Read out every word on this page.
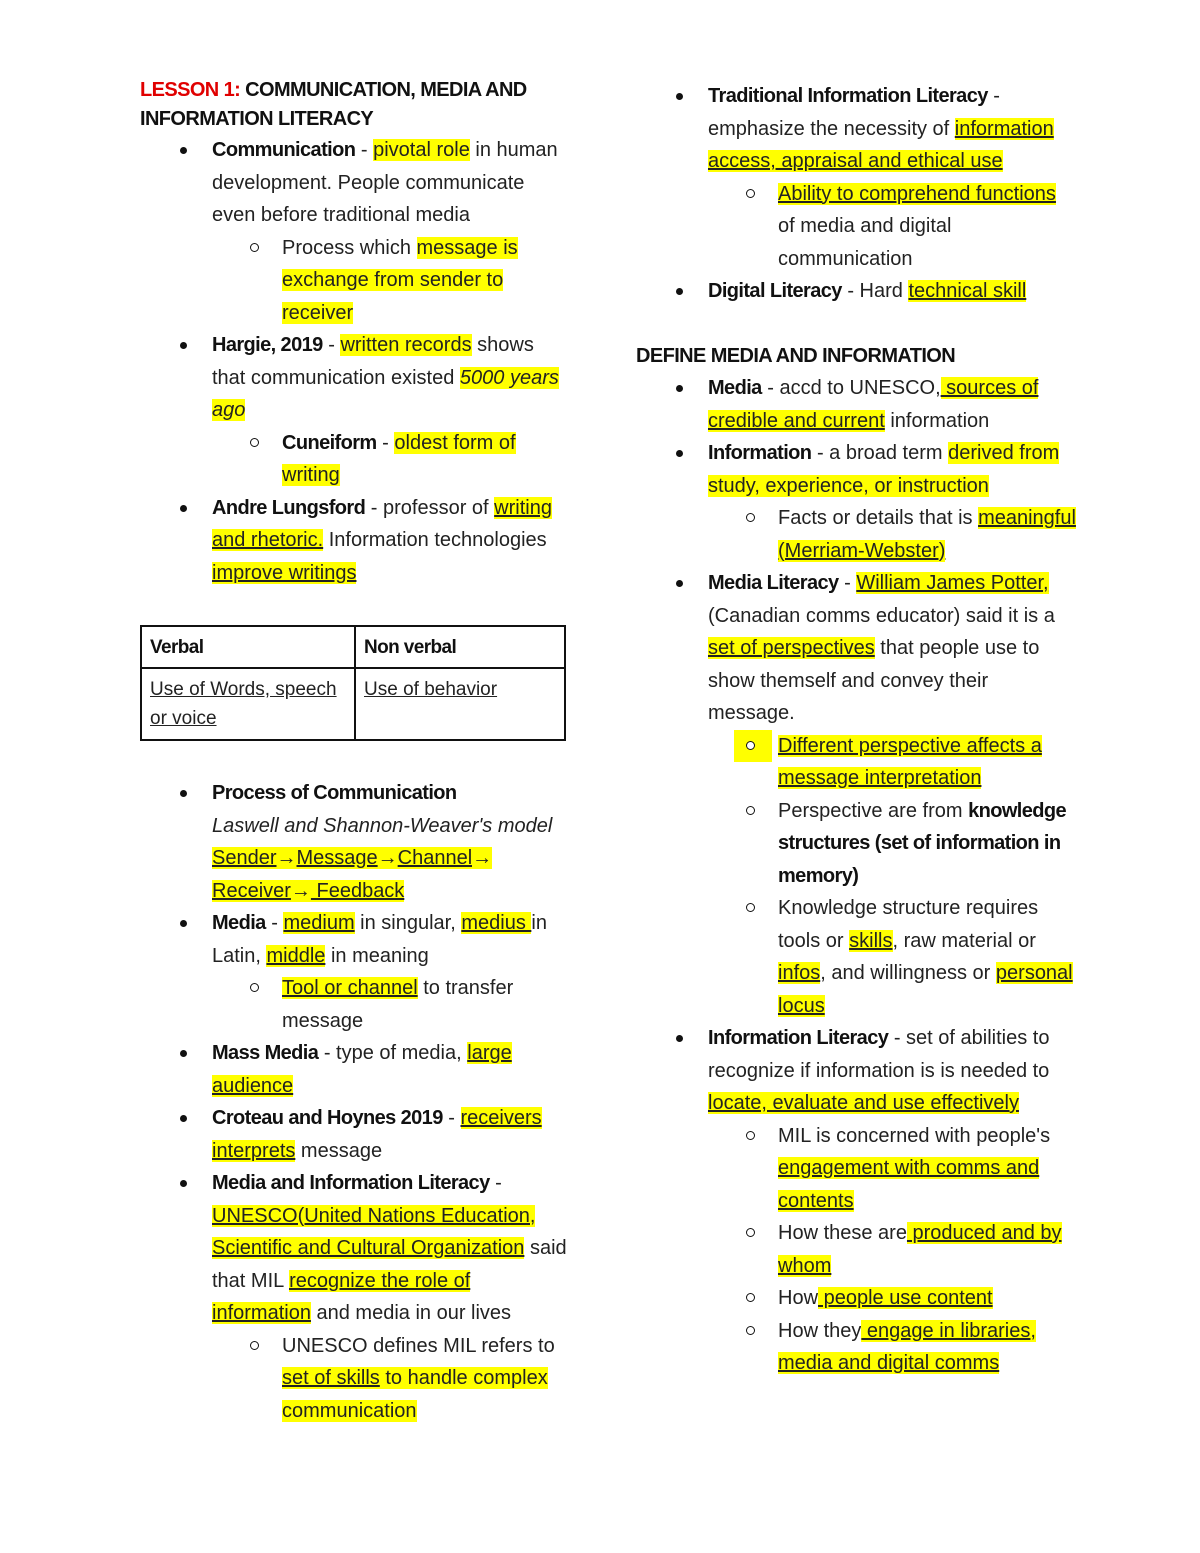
LESSON 1: COMMUNICATION, MEDIA AND
INFORMATION LITERACY

Communication - pivotal role in human development. People communicate even before traditional media
Process which message is exchange from sender to receiver
Hargie, 2019 - written records shows that communication existed 5000 years ago
Cuneiform - oldest form of writing
Andre Lungsford - professor of writing and rhetoric. Information technologies improve writings
Verbal	Non verbal
Use of Words, speech or voice	Use of behavior
Process of Communication
Laswell and Shannon-Weaver's model
Sender→Message→Channel→
Receiver→ Feedback
Media - medium in singular, medius in Latin, middle in meaning
Tool or channel to transfer message
Mass Media - type of media, large audience
Croteau and Hoynes 2019 - receivers interprets message
Media and Information Literacy - UNESCO(United Nations Education, Scientific and Cultural Organization said that MIL recognize the role of information and media in our lives
UNESCO defines MIL refers to set of skills to handle complex communication
Traditional Information Literacy - emphasize the necessity of information access, appraisal and ethical use
Ability to comprehend functions of media and digital communication
Digital Literacy - Hard technical skill

DEFINE MEDIA AND INFORMATION

Media - accd to UNESCO, sources of credible and current information
Information - a broad term derived from study, experience, or instruction
Facts or details that is meaningful (Merriam-Webster)
Media Literacy - William James Potter, (Canadian comms educator) said it is a set of perspectives that people use to show themself and convey their message.
Different perspective affects a message interpretation
Perspective are from knowledge structures (set of information in memory)
Knowledge structure requires tools or skills, raw material or infos, and willingness or personal locus
Information Literacy - set of abilities to recognize if information is is needed to locate, evaluate and use effectively
MIL is concerned with people's engagement with comms and contents
How these are produced and by whom
How people use content
How they engage in libraries, media and digital comms
